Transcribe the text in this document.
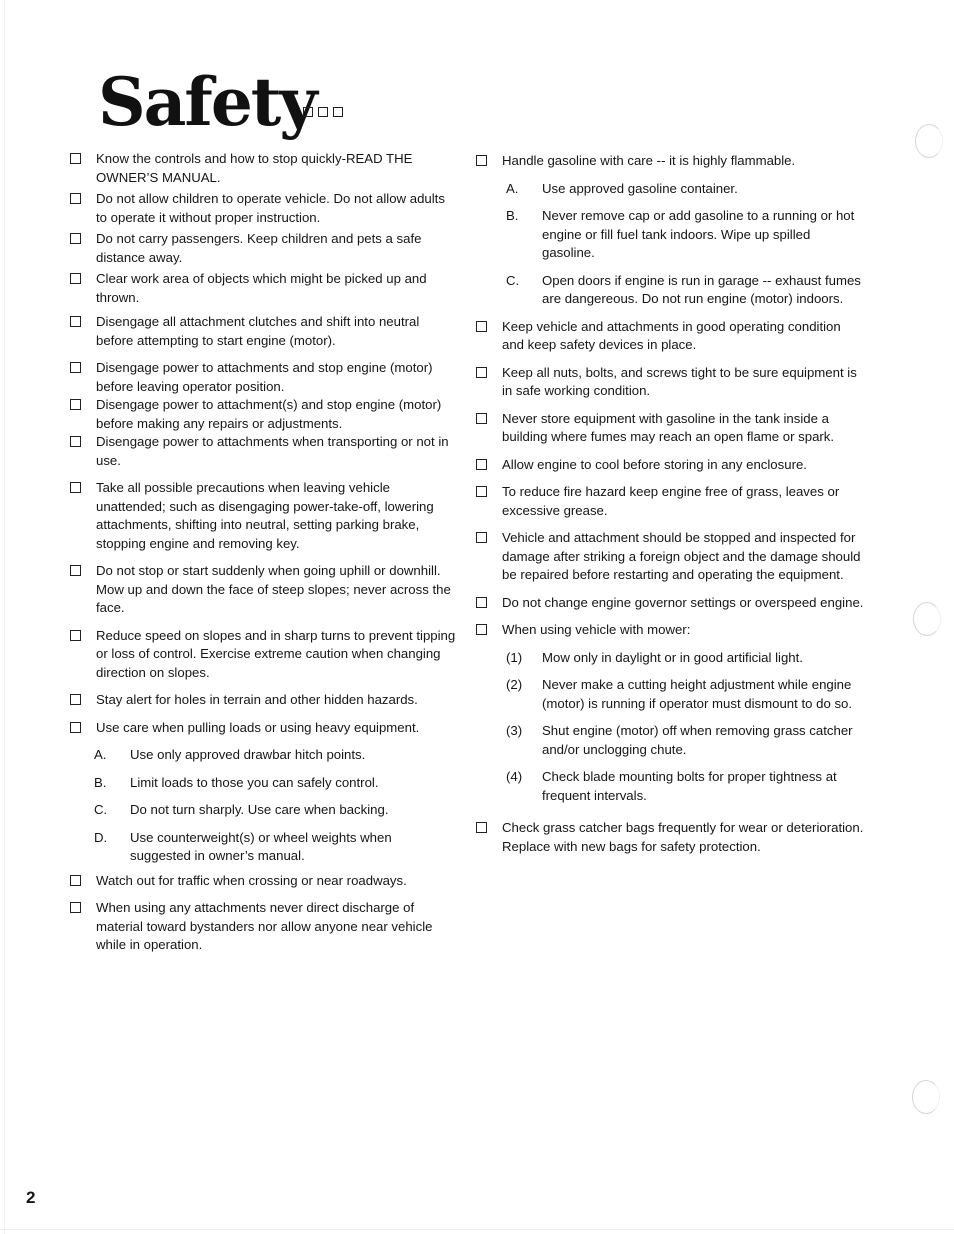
Safety
Know the controls and how to stop quickly-READ THE OWNER’S MANUAL.
Do not allow children to operate vehicle. Do not allow adults to operate it without proper instruction.
Do not carry passengers. Keep children and pets a safe distance away.
Clear work area of objects which might be picked up and thrown.
Disengage all attachment clutches and shift into neutral before attempting to start engine (motor).
Disengage power to attachments and stop engine (motor) before leaving operator position.
Disengage power to attachment(s) and stop engine (motor) before making any repairs or adjustments.
Disengage power to attachments when transporting or not in use.
Take all possible precautions when leaving vehicle unattended; such as disengaging power-take-off, lowering attachments, shifting into neutral, setting parking brake, stopping engine and removing key.
Do not stop or start suddenly when going uphill or downhill. Mow up and down the face of steep slopes; never across the face.
Reduce speed on slopes and in sharp turns to prevent tipping or loss of control. Exercise extreme caution when changing direction on slopes.
Stay alert for holes in terrain and other hidden hazards.
Use care when pulling loads or using heavy equipment.
A. Use only approved drawbar hitch points.
B. Limit loads to those you can safely control.
C. Do not turn sharply. Use care when backing.
D. Use counterweight(s) or wheel weights when suggested in owner’s manual.
Watch out for traffic when crossing or near roadways.
When using any attachments never direct discharge of material toward bystanders nor allow anyone near vehicle while in operation.
Handle gasoline with care -- it is highly flammable.
A. Use approved gasoline container.
B. Never remove cap or add gasoline to a running or hot engine or fill fuel tank indoors. Wipe up spilled gasoline.
C. Open doors if engine is run in garage -- exhaust fumes are dangereous. Do not run engine (motor) indoors.
Keep vehicle and attachments in good operating condition and keep safety devices in place.
Keep all nuts, bolts, and screws tight to be sure equipment is in safe working condition.
Never store equipment with gasoline in the tank inside a building where fumes may reach an open flame or spark.
Allow engine to cool before storing in any enclosure.
To reduce fire hazard keep engine free of grass, leaves or excessive grease.
Vehicle and attachment should be stopped and inspected for damage after striking a foreign object and the damage should be repaired before restarting and operating the equipment.
Do not change engine governor settings or overspeed engine.
When using vehicle with mower:
(1) Mow only in daylight or in good artificial light.
(2) Never make a cutting height adjustment while engine (motor) is running if operator must dismount to do so.
(3) Shut engine (motor) off when removing grass catcher and/or unclogging chute.
(4) Check blade mounting bolts for proper tightness at frequent intervals.
Check grass catcher bags frequently for wear or deterioration. Replace with new bags for safety protection.
2
